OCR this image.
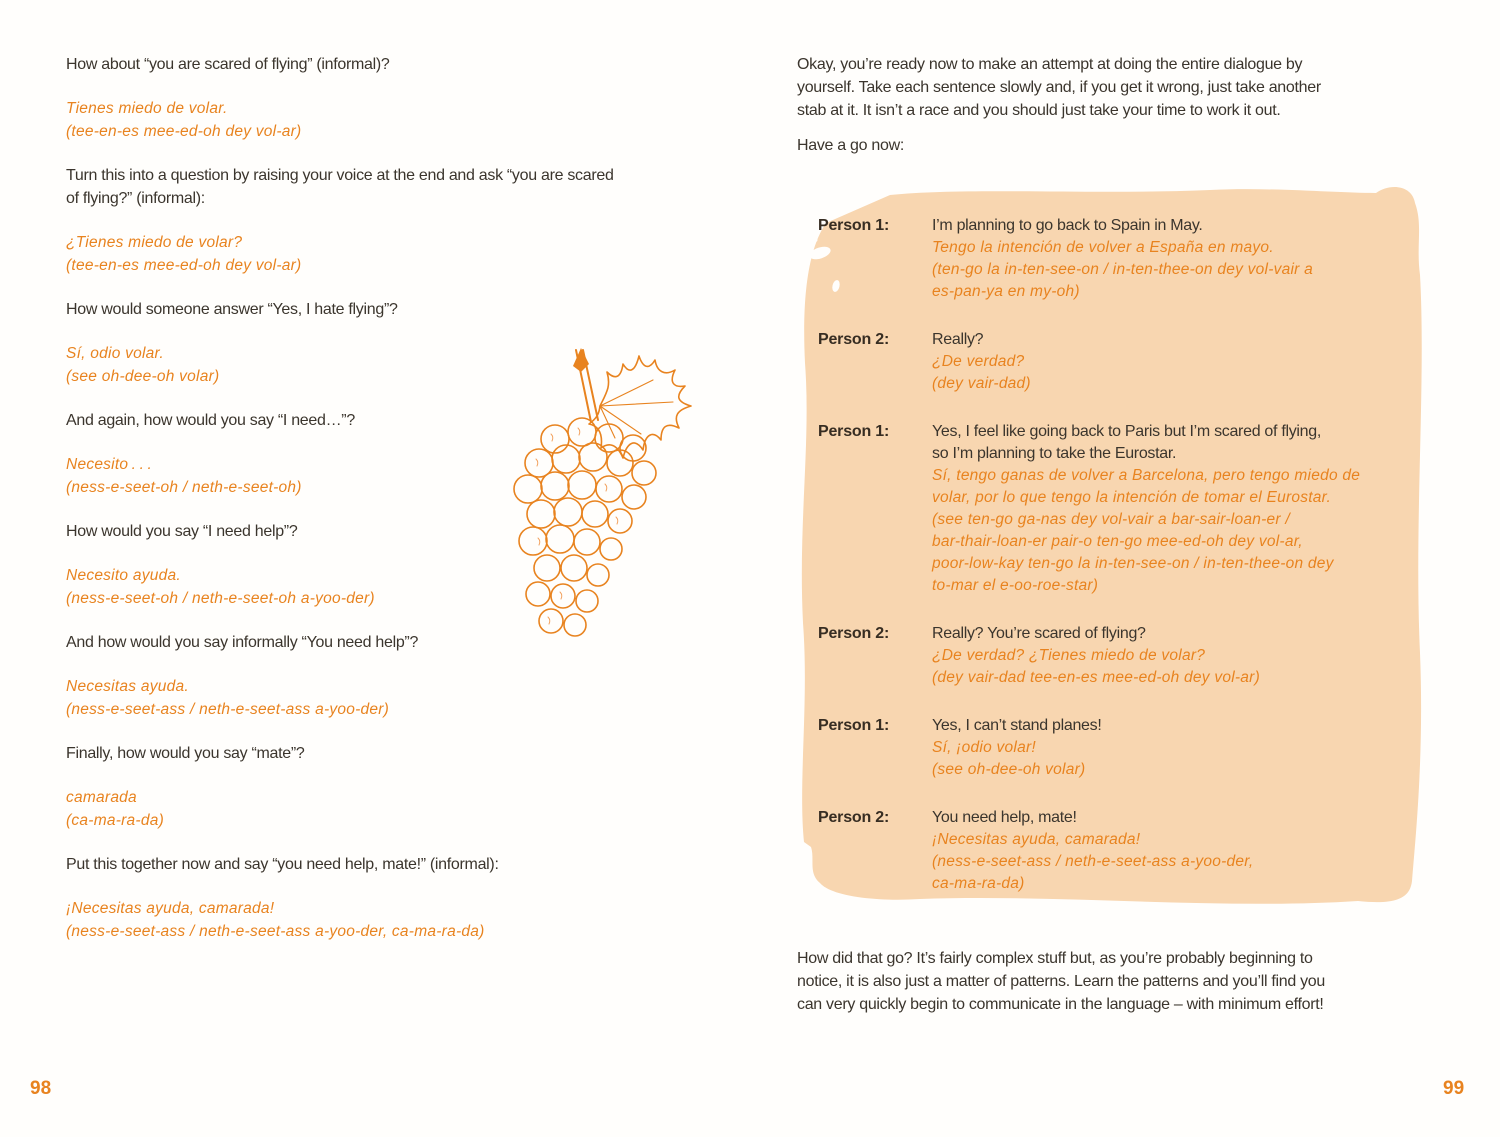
How about “you are scared of flying” (informal)?
Tienes miedo de volar.
(tee-en-es mee-ed-oh dey vol-ar)
Turn this into a question by raising your voice at the end and ask “you are scared
of flying?” (informal):
¿Tienes miedo de volar?
(tee-en-es mee-ed-oh dey vol-ar)
How would someone answer “Yes, I hate flying”?
Sí, odio volar.
(see oh-dee-oh volar)
And again, how would you say “I need…”?
Necesito . . .
(ness-e-seet-oh / neth-e-seet-oh)
How would you say “I need help”?
Necesito ayuda.
(ness-e-seet-oh / neth-e-seet-oh a-yoo-der)
And how would you say informally “You need help”?
Necesitas ayuda.
(ness-e-seet-ass / neth-e-seet-ass a-yoo-der)
Finally, how would you say “mate”?
camarada
(ca-ma-ra-da)
Put this together now and say “you need help, mate!” (informal):
¡Necesitas ayuda, camarada!
(ness-e-seet-ass / neth-e-seet-ass a-yoo-der, ca-ma-ra-da)
98
Okay, you’re ready now to make an attempt at doing the entire dialogue by
yourself. Take each sentence slowly and, if you get it wrong, just take another
stab at it. It isn’t a race and you should just take your time to work it out.
Have a go now:
Person 1:	I’m planning to go back to Spain in May.
Tengo la intención de volver a España en mayo.
(ten-go la in-ten-see-on / in-ten-thee-on dey vol-vair a
es-pan-ya en my-oh)
Person 2:	Really?
¿De verdad?
(dey vair-dad)
Person 1:	Yes, I feel like going back to Paris but I’m scared of flying,
so I’m planning to take the Eurostar.
Sí, tengo ganas de volver a Barcelona, pero tengo miedo de
volar, por lo que tengo la intención de tomar el Eurostar.
(see ten-go ga-nas dey vol-vair a bar-sair-loan-er /
bar-thair-loan-er pair-o ten-go mee-ed-oh dey vol-ar,
poor-low-kay ten-go la in-ten-see-on / in-ten-thee-on dey
to-mar el e-oo-roe-star)
Person 2:	Really? You’re scared of flying?
¿De verdad? ¿Tienes miedo de volar?
(dey vair-dad tee-en-es mee-ed-oh dey vol-ar)
Person 1:	Yes, I can’t stand planes!
Sí, ¡odio volar!
(see oh-dee-oh volar)
Person 2:	You need help, mate!
¡Necesitas ayuda, camarada!
(ness-e-seet-ass / neth-e-seet-ass a-yoo-der,
ca-ma-ra-da)
How did that go? It’s fairly complex stuff but, as you’re probably beginning to
notice, it is also just a matter of patterns. Learn the patterns and you’ll find you
can very quickly begin to communicate in the language – with minimum effort!
99
